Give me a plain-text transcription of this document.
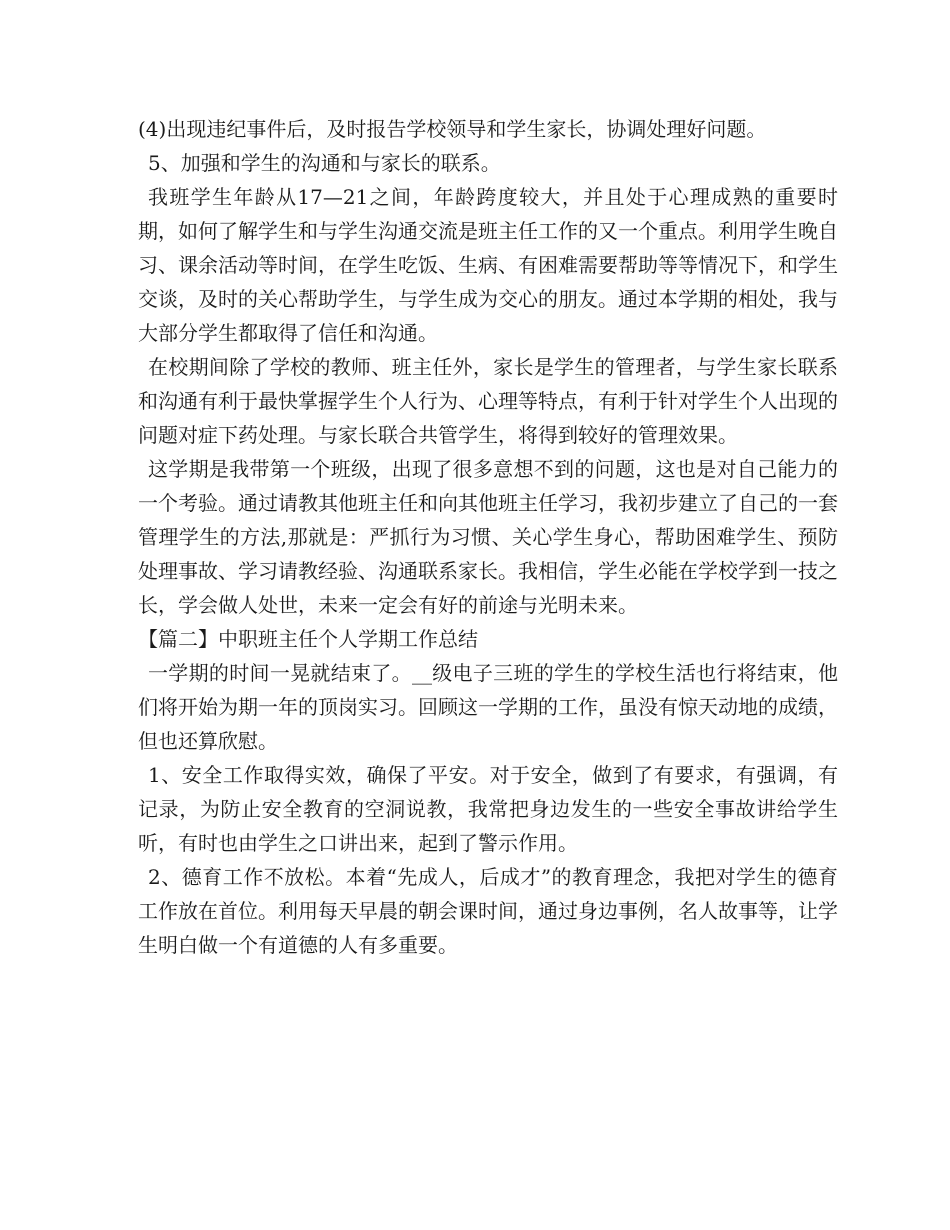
(4)出现违纪事件后，及时报告学校领导和学生家长，协调处理好问题。

5、加强和学生的沟通和与家长的联系。

我班学生年龄从17—21之间，年龄跨度较大，并且处于心理成熟的重要时期，如何了解学生和与学生沟通交流是班主任工作的又一个重点。利用学生晚自习、课余活动等时间，在学生吃饭、生病、有困难需要帮助等等情况下，和学生交谈，及时的关心帮助学生，与学生成为交心的朋友。通过本学期的相处，我与大部分学生都取得了信任和沟通。

在校期间除了学校的教师、班主任外，家长是学生的管理者，与学生家长联系和沟通有利于最快掌握学生个人行为、心理等特点，有利于针对学生个人出现的问题对症下药处理。与家长联合共管学生，将得到较好的管理效果。

这学期是我带第一个班级，出现了很多意想不到的问题，这也是对自己能力的一个考验。通过请教其他班主任和向其他班主任学习，我初步建立了自己的一套管理学生的方法,那就是：严抓行为习惯、关心学生身心，帮助困难学生、预防处理事故、学习请教经验、沟通联系家长。我相信，学生必能在学校学到一技之长，学会做人处世，未来一定会有好的前途与光明未来。

【篇二】中职班主任个人学期工作总结

一学期的时间一晃就结束了。__级电子三班的学生的学校生活也行将结束，他们将开始为期一年的顶岗实习。回顾这一学期的工作，虽没有惊天动地的成绩，但也还算欣慰。

1、安全工作取得实效，确保了平安。对于安全，做到了有要求，有强调，有记录，为防止安全教育的空洞说教，我常把身边发生的一些安全事故讲给学生听，有时也由学生之口讲出来，起到了警示作用。

2、德育工作不放松。本着“先成人，后成才”的教育理念，我把对学生的德育工作放在首位。利用每天早晨的朝会课时间，通过身边事例，名人故事等，让学生明白做一个有道德的人有多重要。
